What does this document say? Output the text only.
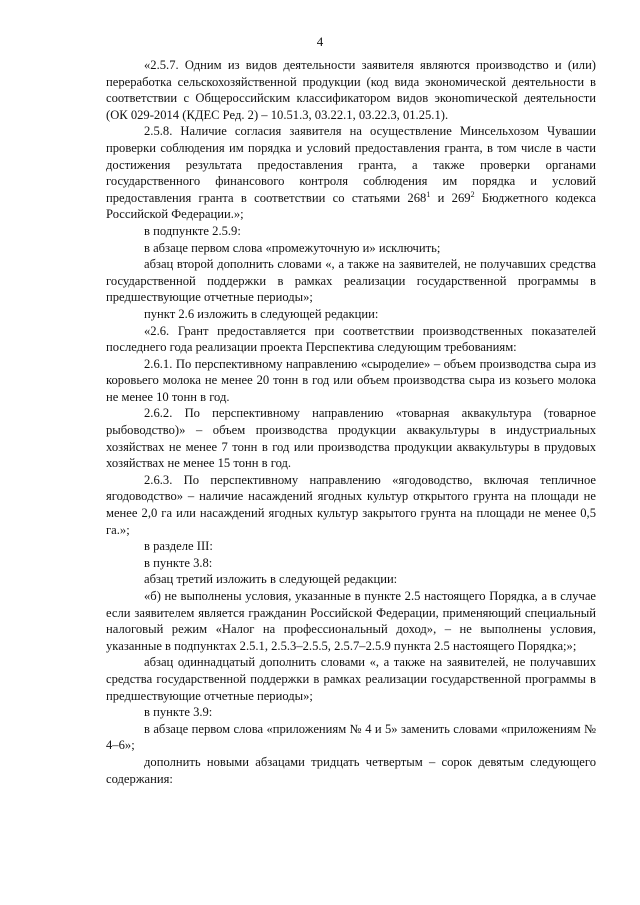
4

«2.5.7. Одним из видов деятельности заявителя являются производство и (или) переработка сельскохозяйственной продукции (код вида экономической деятельности в соответствии с Общероссийским классификатором видов эконоmической деятельности (ОК 029-2014 (КДЕС Ред. 2) – 10.51.3, 03.22.1, 03.22.3, 01.25.1).

2.5.8. Наличие согласия заявителя на осуществление Минсельхозом Чувашии проверки соблюдения им порядка и условий предоставления гранта, в том числе в части достижения результата предоставления гранта, а также проверки органами государственного финансового контроля соблюдения им порядка и условий предоставления гранта в соответствии со статьями $268^1$ и $269^2$ Бюджетного кодекса Российской Федерации.»;

в подпункте 2.5.9:

в абзаце первом слова «промежуточную и» исключить;

абзац второй дополнить словами «, а также на заявителей, не получавших средства государственной поддержки в рамках реализации государственной программы в предшествующие отчетные периоды»;

пункт 2.6 изложить в следующей редакции:

«2.6. Грант предоставляется при соответствии производственных показателей последнего года реализации проекта Перспектива следующим требованиям:

2.6.1. По перспективному направлению «сыроделие» – объем производства сыра из коровьего молока не менее 20 тонн в год или объем производства сыра из козьего молока не менее 10 тонн в год.

2.6.2. По перспективному направлению «товарная аквакультура (товарное рыбоводство)» – объем производства продукции аквакультуры в индустриальных хозяйствах не менее 7 тонн в год или производства продукции аквакультуры в прудовых хозяйствах не менее 15 тонн в год.

2.6.3. По перспективному направлению «ягодоводство, включая тепличное ягодоводство» – наличие насаждений ягодных культур открытого грунта на площади не менее 2,0 га или насаждений ягодных культур закрытого грунта на площади не менее 0,5 га.»;

в разделе III:

в пункте 3.8:

абзац третий изложить в следующей редакции:

«б) не выполнены условия, указанные в пункте 2.5 настоящего Порядка, а в случае если заявителем является гражданин Российской Федерации, применяющий специальный налоговый режим «Налог на профессиональный доход», – не выполнены условия, указанные в подпунктах 2.5.1, 2.5.3–2.5.5, 2.5.7–2.5.9 пункта 2.5 настоящего Порядка;»;

абзац одиннадцатый дополнить словами «, а также на заявителей, не получавших средства государственной поддержки в рамках реализации государственной программы в предшествующие отчетные периоды»;

в пункте 3.9:

в абзаце первом слова «приложениям № 4 и 5» заменить словами «приложениям № 4–6»;

дополнить новыми абзацами тридцать четвертым – сорок девятым следующего содержания:
